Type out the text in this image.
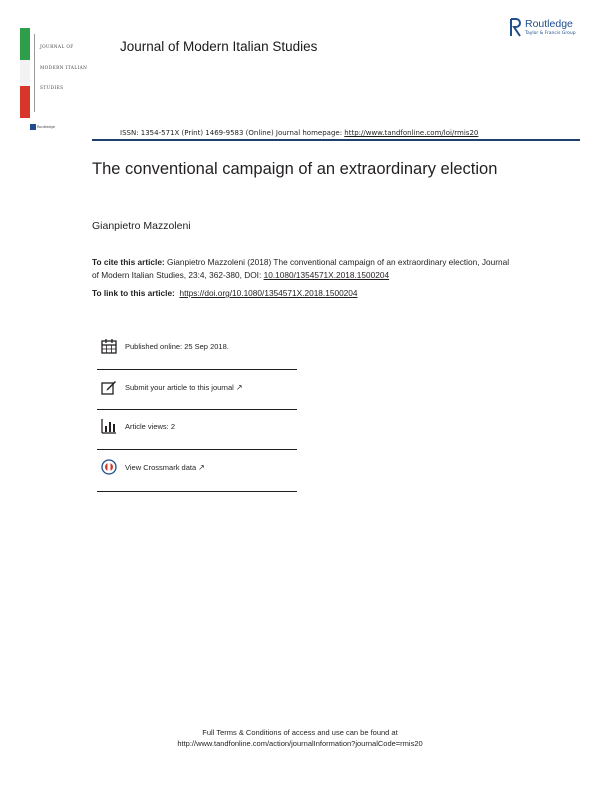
JOURNAL OF
MODERN ITALIAN
STUDIES
Routledge
Journal of Modern Italian Studies
Routledge
Taylor & Francis Group
ISSN: 1354-571X (Print) 1469-9583 (Online) Journal homepage: http://www.tandfonline.com/loi/rmis20
The conventional campaign of an extraordinary election
Gianpietro Mazzoleni
To cite this article: Gianpietro Mazzoleni (2018) The conventional campaign of an extraordinary election, Journal of Modern Italian Studies, 23:4, 362-380, DOI: 10.1080/1354571X.2018.1500204
To link to this article: https://doi.org/10.1080/1354571X.2018.1500204
Published online: 25 Sep 2018.
Submit your article to this journal ↗
Article views: 2
View Crossmark data ↗
Full Terms & Conditions of access and use can be found at
http://www.tandfonline.com/action/journalInformation?journalCode=rmis20
